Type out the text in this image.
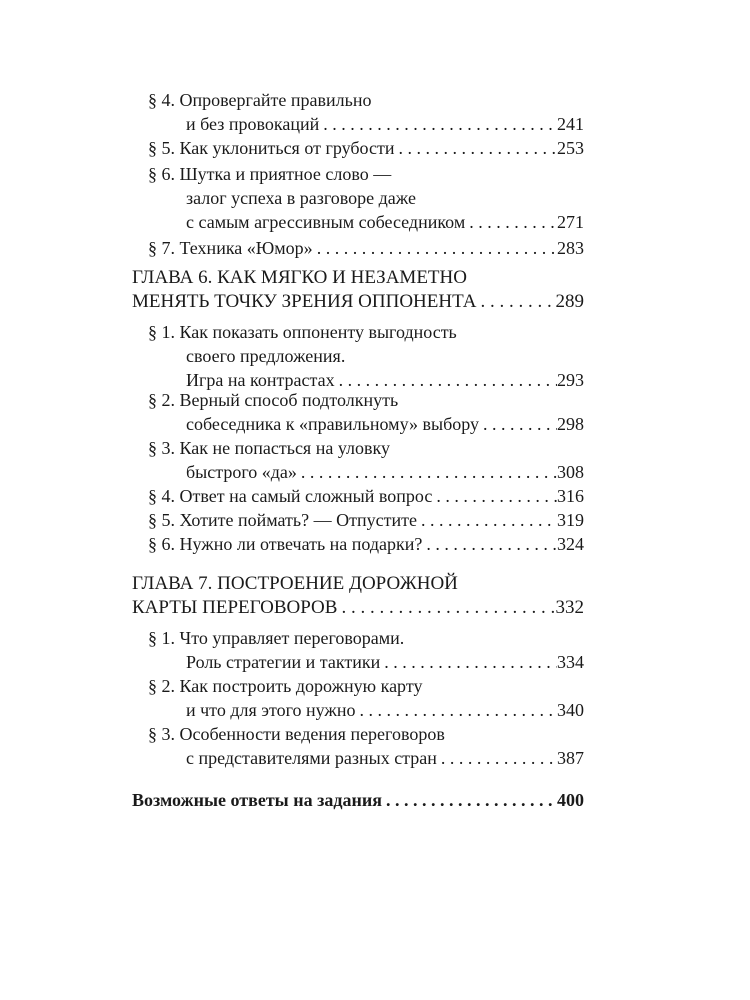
§ 4. Опровергайте правильно
и без провокаций . . .	241
§ 5. Как уклониться от грубости . . .	253
§ 6. Шутка и приятное слово —
залог успеха в разговоре даже
с самым агрессивным собеседником . . .	271
§ 7. Техника «Юмор» . . .	283
ГЛАВА 6. КАК МЯГКО И НЕЗАМЕТНО
МЕНЯТЬ ТОЧКУ ЗРЕНИЯ ОППОНЕНТА . . .	289
§ 1. Как показать оппоненту выгодность
своего предложения.
Игра на контрастах . . .	293
§ 2. Верный способ подтолкнуть
собеседника к «правильному» выбору . . .	298
§ 3. Как не попасться на уловку
быстрого «да» . . .	308
§ 4. Ответ на самый сложный вопрос . . .	316
§ 5. Хотите поймать? — Отпустите . . .	319
§ 6. Нужно ли отвечать на подарки? . . .	324
ГЛАВА 7. ПОСТРОЕНИЕ ДОРОЖНОЙ
КАРТЫ ПЕРЕГОВОРОВ . . .	332
§ 1. Что управляет переговорами.
Роль стратегии и тактики . . .	334
§ 2. Как построить дорожную карту
и что для этого нужно . . .	340
§ 3. Особенности ведения переговоров
с представителями разных стран . . .	387
Возможные ответы на задания . . .	400
